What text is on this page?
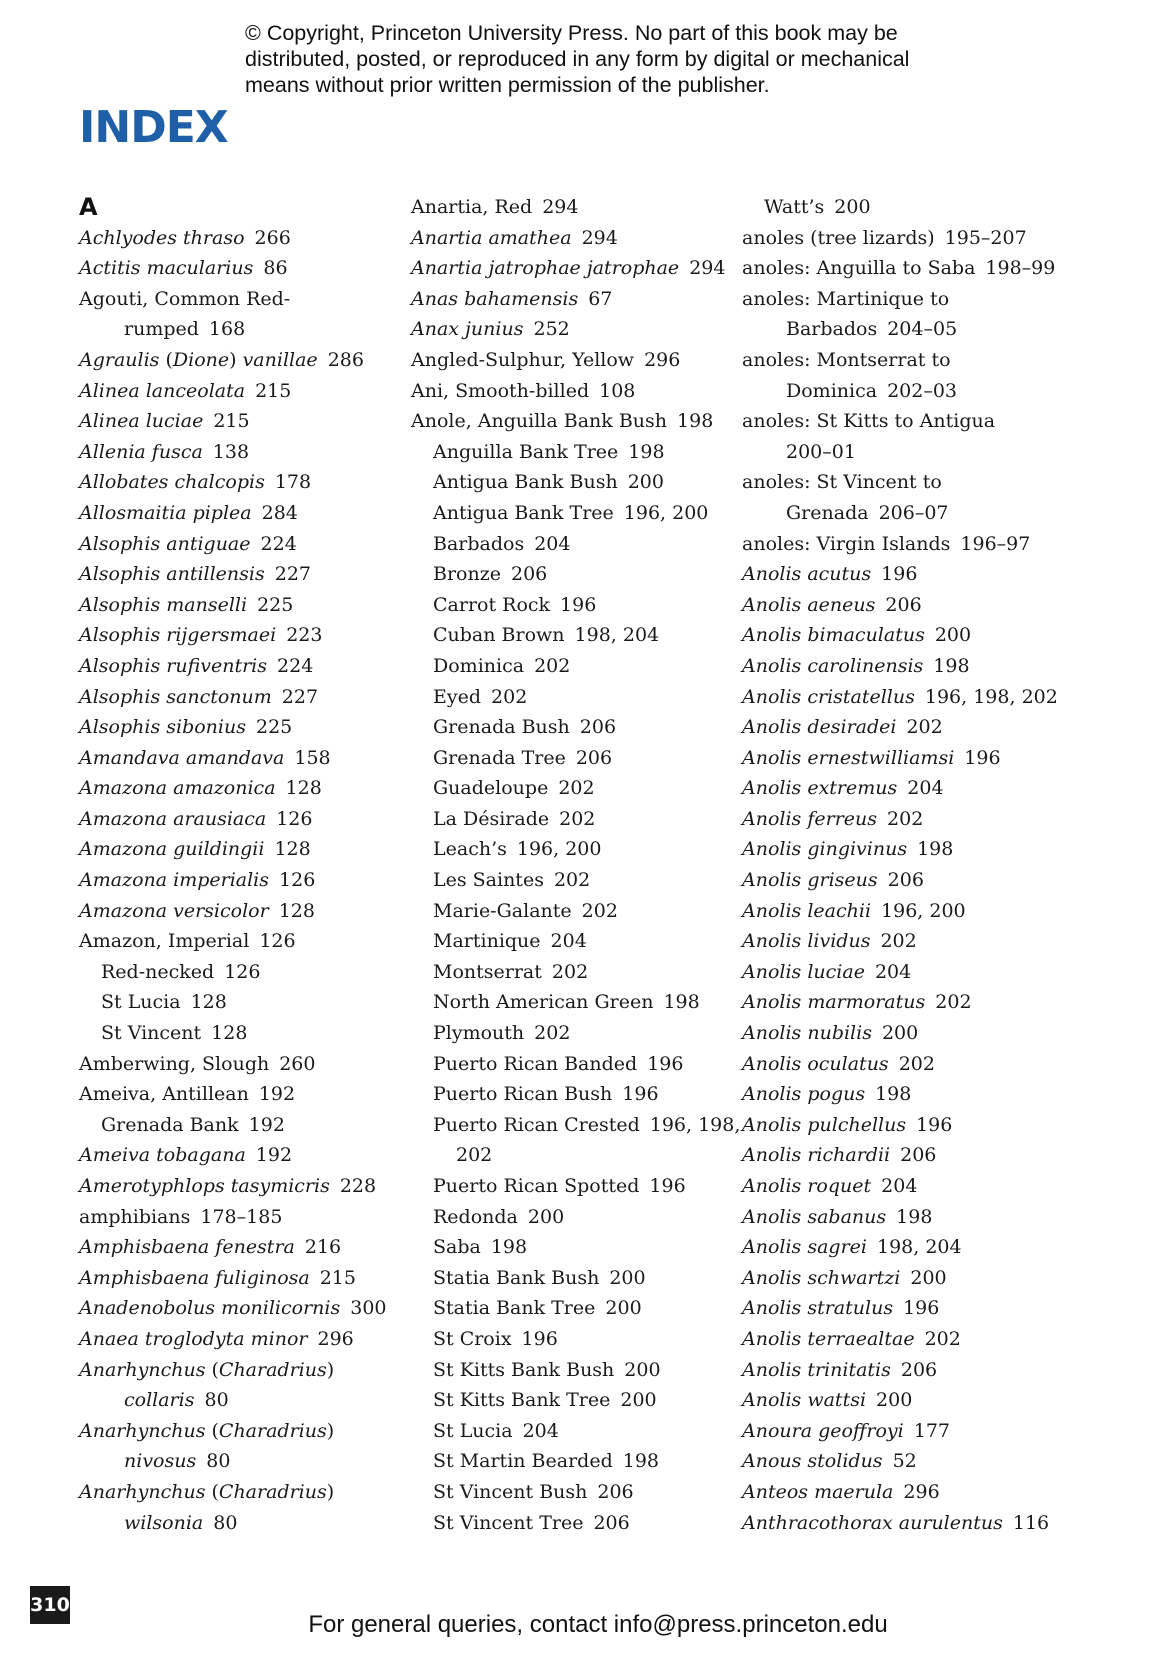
© Copyright, Princeton University Press. No part of this book may be
distributed, posted, or reproduced in any form by digital or mechanical
means without prior written permission of the publisher.
INDEX
A
Achlyodes thraso 266
Actitis macularius 86
Agouti, Common Red-
rumped 168
Agraulis (Dione) vanillae 286
Alinea lanceolata 215
Alinea luciae 215
Allenia fusca 138
Allobates chalcopis 178
Allosmaitia piplea 284
Alsophis antiguae 224
Alsophis antillensis 227
Alsophis manselli 225
Alsophis rijgersmaei 223
Alsophis rufiventris 224
Alsophis sanctonum 227
Alsophis sibonius 225
Amandava amandava 158
Amazona amazonica 128
Amazona arausiaca 126
Amazona guildingii 128
Amazona imperialis 126
Amazona versicolor 128
Amazon, Imperial 126
Red-necked 126
St Lucia 128
St Vincent 128
Amberwing, Slough 260
Ameiva, Antillean 192
Grenada Bank 192
Ameiva tobagana 192
Amerotyphlops tasymicris 228
amphibians 178–185
Amphisbaena fenestra 216
Amphisbaena fuliginosa 215
Anadenobolus monilicornis 300
Anaea troglodyta minor 296
Anarhynchus (Charadrius)
collaris 80
Anarhynchus (Charadrius)
nivosus 80
Anarhynchus (Charadrius)
wilsonia 80
Anartia, Red 294
Anartia amathea 294
Anartia jatrophae jatrophae 294
Anas bahamensis 67
Anax junius 252
Angled-Sulphur, Yellow 296
Ani, Smooth-billed 108
Anole, Anguilla Bank Bush 198
Anguilla Bank Tree 198
Antigua Bank Bush 200
Antigua Bank Tree 196, 200
Barbados 204
Bronze 206
Carrot Rock 196
Cuban Brown 198, 204
Dominica 202
Eyed 202
Grenada Bush 206
Grenada Tree 206
Guadeloupe 202
La Désirade 202
Leach’s 196, 200
Les Saintes 202
Marie-Galante 202
Martinique 204
Montserrat 202
North American Green 198
Plymouth 202
Puerto Rican Banded 196
Puerto Rican Bush 196
Puerto Rican Crested 196, 198,
202
Puerto Rican Spotted 196
Redonda 200
Saba 198
Statia Bank Bush 200
Statia Bank Tree 200
St Croix 196
St Kitts Bank Bush 200
St Kitts Bank Tree 200
St Lucia 204
St Martin Bearded 198
St Vincent Bush 206
St Vincent Tree 206
Watt’s 200
anoles (tree lizards) 195–207
anoles: Anguilla to Saba 198–99
anoles: Martinique to
Barbados 204–05
anoles: Montserrat to
Dominica 202–03
anoles: St Kitts to Antigua
200–01
anoles: St Vincent to
Grenada 206–07
anoles: Virgin Islands 196–97
Anolis acutus 196
Anolis aeneus 206
Anolis bimaculatus 200
Anolis carolinensis 198
Anolis cristatellus 196, 198, 202
Anolis desiradei 202
Anolis ernestwilliamsi 196
Anolis extremus 204
Anolis ferreus 202
Anolis gingivinus 198
Anolis griseus 206
Anolis leachii 196, 200
Anolis lividus 202
Anolis luciae 204
Anolis marmoratus 202
Anolis nubilis 200
Anolis oculatus 202
Anolis pogus 198
Anolis pulchellus 196
Anolis richardii 206
Anolis roquet 204
Anolis sabanus 198
Anolis sagrei 198, 204
Anolis schwartzi 200
Anolis stratulus 196
Anolis terraealtae 202
Anolis trinitatis 206
Anolis wattsi 200
Anoura geoffroyi 177
Anous stolidus 52
Anteos maerula 296
Anthracothorax aurulentus 116
310
For general queries, contact info@press.princeton.edu
